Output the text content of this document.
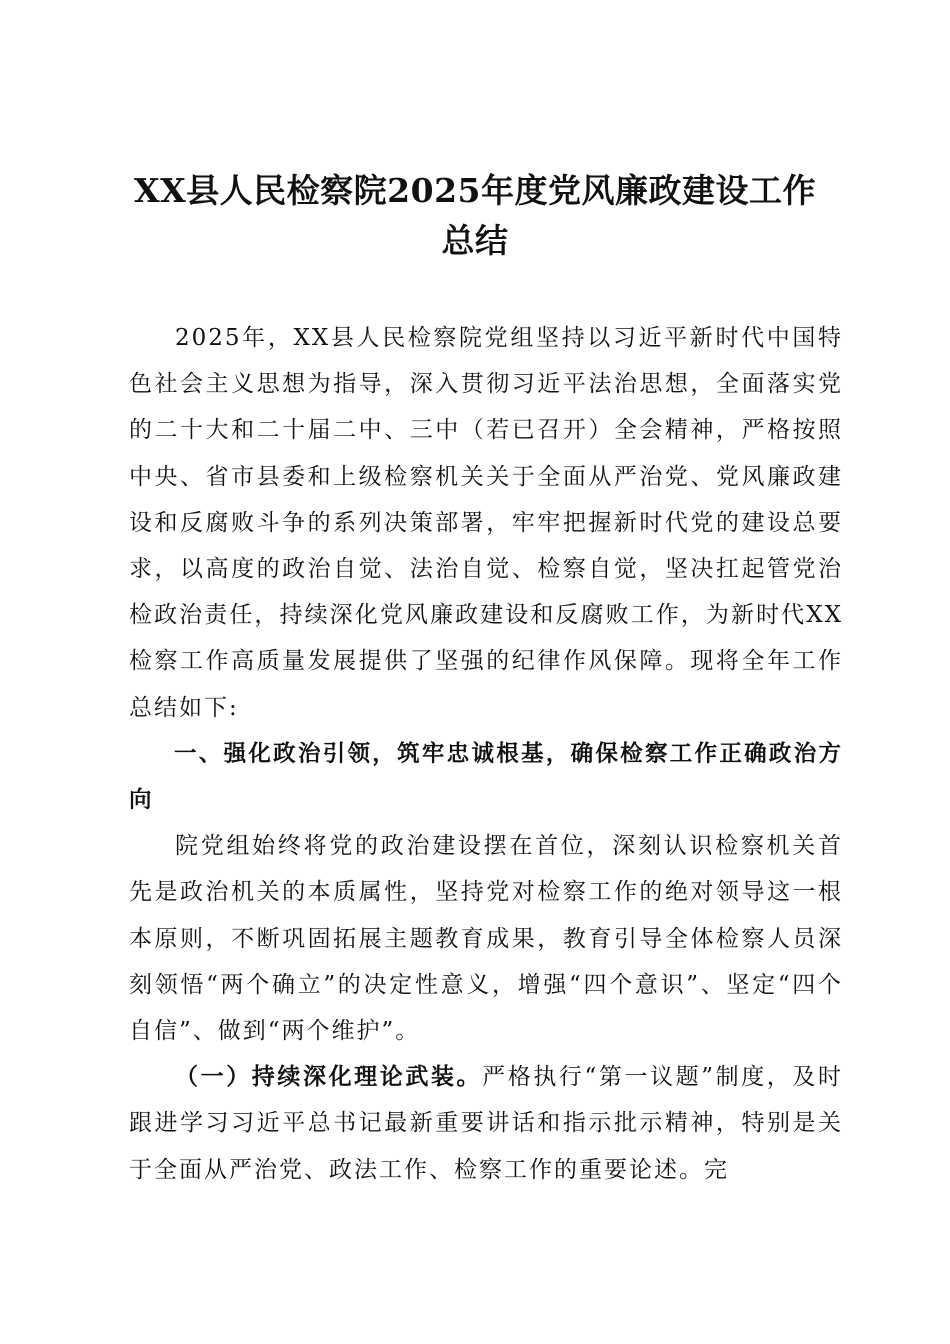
XX县人民检察院2025年度党风廉政建设工作
总结

2025年，XX县人民检察院党组坚持以习近平新时代中国特色社会主义思想为指导，深入贯彻习近平法治思想，全面落实党的二十大和二十届二中、三中（若已召开）全会精神，严格按照中央、省市县委和上级检察机关关于全面从严治党、党风廉政建设和反腐败斗争的系列决策部署，牢牢把握新时代党的建设总要求，以高度的政治自觉、法治自觉、检察自觉，坚决扛起管党治检政治责任，持续深化党风廉政建设和反腐败工作，为新时代XX检察工作高质量发展提供了坚强的纪律作风保障。现将全年工作总结如下:

一、强化政治引领，筑牢忠诚根基，确保检察工作正确政治方向

院党组始终将党的政治建设摆在首位，深刻认识检察机关首先是政治机关的本质属性，坚持党对检察工作的绝对领导这一根本原则，不断巩固拓展主题教育成果，教育引导全体检察人员深刻领悟“两个确立”的决定性意义，增强“四个意识”、坚定“四个自信”、做到“两个维护”。

（一）持续深化理论武装。严格执行“第一议题”制度，及时跟进学习习近平总书记最新重要讲话和指示批示精神，特别是关于全面从严治党、政法工作、检察工作的重要论述。完
